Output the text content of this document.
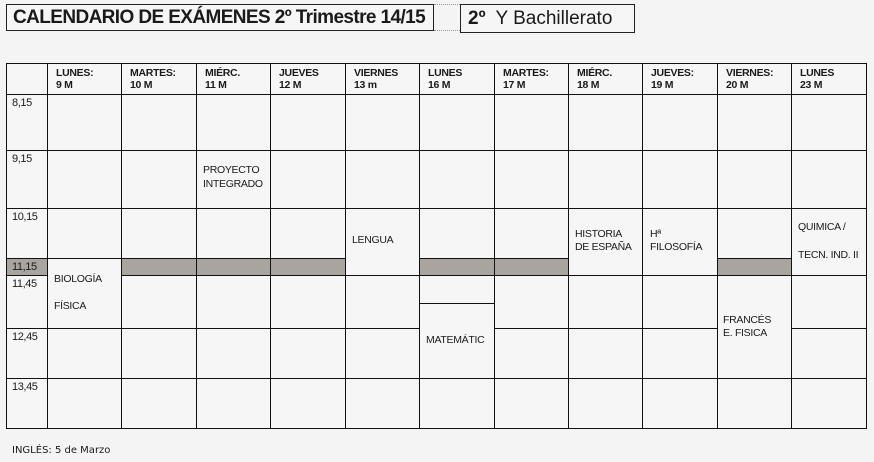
CALENDARIO DE EXÁMENES 2º Trimestre 14/15	2º Y Bachillerato
LUNES:
9 M
MARTES:
10 M
MIÉRC.
11 M
JUEVES
12 M
VIERNES
13 m
LUNES
16 M
MARTES:
17 M
MIÉRC.
18 M
JUEVES:
19 M
VIERNES:
20 M
LUNES
23 M
8,15
9,15
10,15
11,15
11,45
12,45
13,45
PROYECTO
INTEGRADO
LENGUA	HISTORIA
DE ESPAÑA
Hª
FILOSOFÍA
QUIMICA /
TECN. IND. II
BIOLOGÍA
FÍSICA
MATEMÁTIC
FRANCÉS
E. FISICA
INGLÉS: 5 de Marzo
